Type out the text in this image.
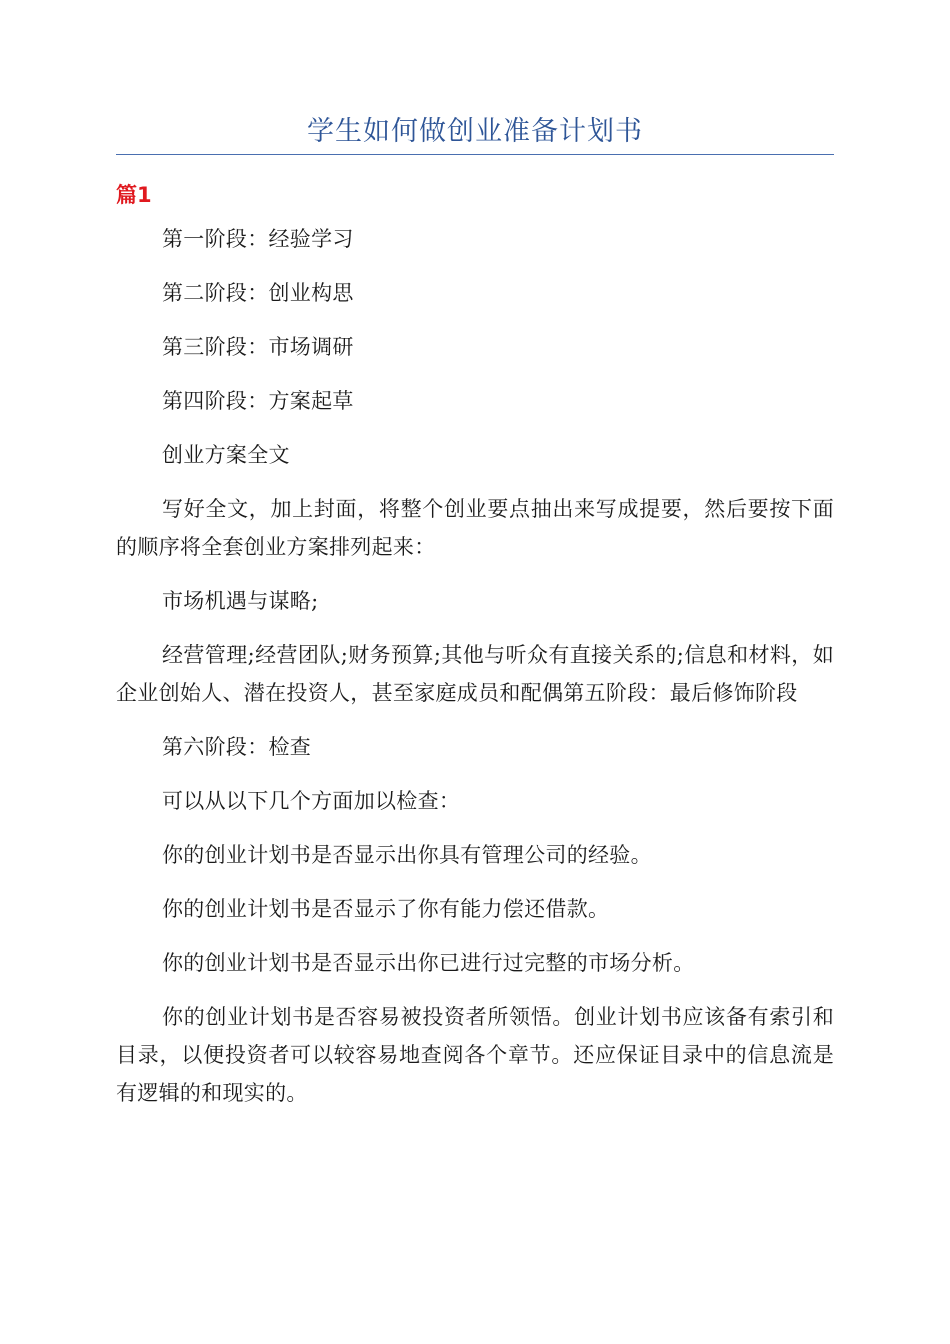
学生如何做创业准备计划书
篇1

第一阶段：经验学习

第二阶段：创业构思

第三阶段：市场调研

第四阶段：方案起草

创业方案全文

写好全文，加上封面，将整个创业要点抽出来写成提要，然后要按下面的顺序将全套创业方案排列起来：

市场机遇与谋略;

经营管理;经营团队;财务预算;其他与听众有直接关系的;信息和材料，如企业创始人、潜在投资人，甚至家庭成员和配偶第五阶段：最后修饰阶段

第六阶段：检查

可以从以下几个方面加以检查：

你的创业计划书是否显示出你具有管理公司的经验。

你的创业计划书是否显示了你有能力偿还借款。

你的创业计划书是否显示出你已进行过完整的市场分析。

你的创业计划书是否容易被投资者所领悟。创业计划书应该备有索引和目录，以便投资者可以较容易地查阅各个章节。还应保证目录中的信息流是有逻辑的和现实的。
